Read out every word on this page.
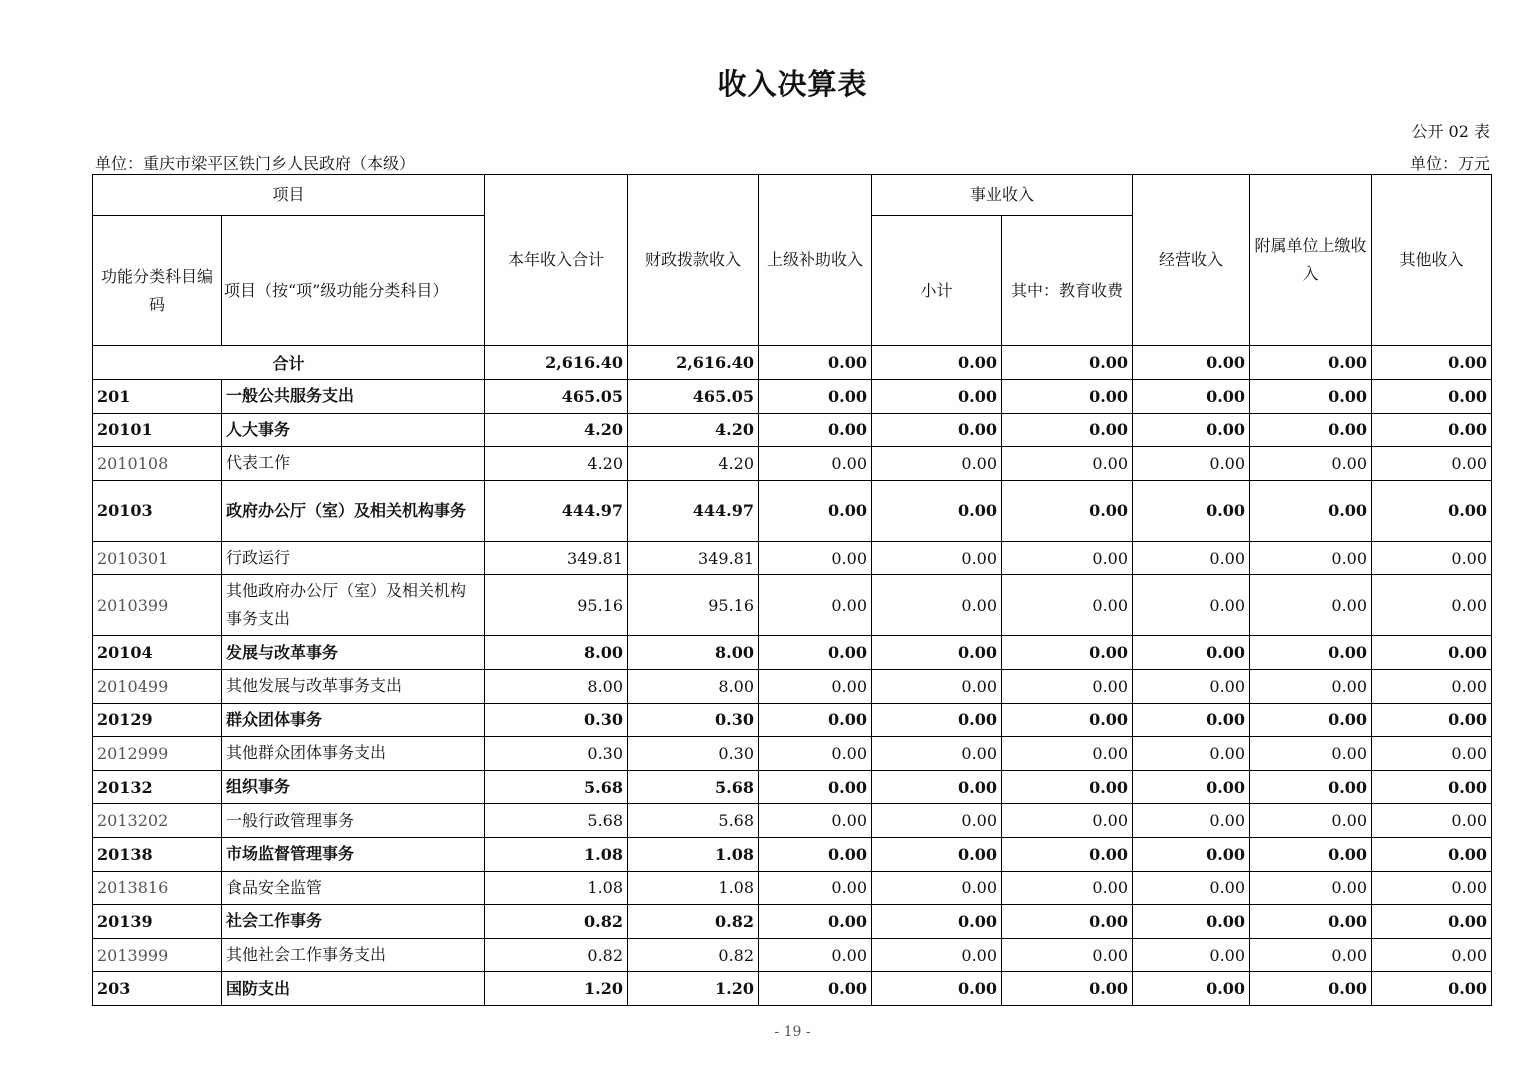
收入决算表
公开 02 表
单位：重庆市梁平区铁门乡人民政府（本级）	单位：万元
项目		本年收入合计	财政拨款收入	上级补助收入	事业收入		经营收入	附属单位上缴收入	其他收入
功能分类科目编码	项目（按“项”级功能分类科目）				小计	其中：教育收费			
合计		2,616.40	2,616.40	0.00	0.00	0.00	0.00	0.00	0.00
201	一般公共服务支出	465.05	465.05	0.00	0.00	0.00	0.00	0.00	0.00
20101	人大事务	4.20	4.20	0.00	0.00	0.00	0.00	0.00	0.00
2010108	代表工作	4.20	4.20	0.00	0.00	0.00	0.00	0.00	0.00
20103	政府办公厅（室）及相关机构事务	444.97	444.97	0.00	0.00	0.00	0.00	0.00	0.00
2010301	行政运行	349.81	349.81	0.00	0.00	0.00	0.00	0.00	0.00
2010399	其他政府办公厅（室）及相关机构事务支出	95.16	95.16	0.00	0.00	0.00	0.00	0.00	0.00
20104	发展与改革事务	8.00	8.00	0.00	0.00	0.00	0.00	0.00	0.00
2010499	其他发展与改革事务支出	8.00	8.00	0.00	0.00	0.00	0.00	0.00	0.00
20129	群众团体事务	0.30	0.30	0.00	0.00	0.00	0.00	0.00	0.00
2012999	其他群众团体事务支出	0.30	0.30	0.00	0.00	0.00	0.00	0.00	0.00
20132	组织事务	5.68	5.68	0.00	0.00	0.00	0.00	0.00	0.00
2013202	一般行政管理事务	5.68	5.68	0.00	0.00	0.00	0.00	0.00	0.00
20138	市场监督管理事务	1.08	1.08	0.00	0.00	0.00	0.00	0.00	0.00
2013816	食品安全监管	1.08	1.08	0.00	0.00	0.00	0.00	0.00	0.00
20139	社会工作事务	0.82	0.82	0.00	0.00	0.00	0.00	0.00	0.00
2013999	其他社会工作事务支出	0.82	0.82	0.00	0.00	0.00	0.00	0.00	0.00
203	国防支出	1.20	1.20	0.00	0.00	0.00	0.00	0.00	0.00
- 19 -
